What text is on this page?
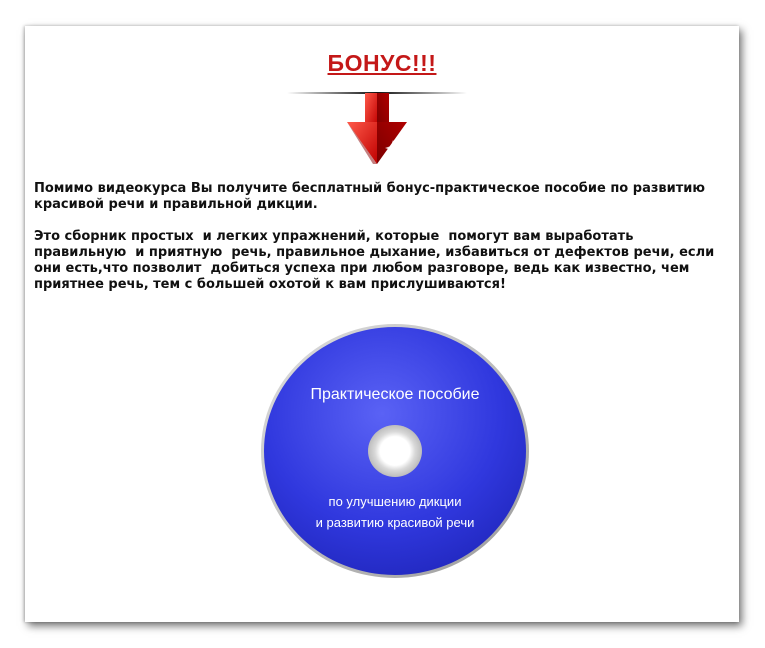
БОНУС!!!

Помимо видеокурса Вы получите бесплатный бонус-практическое пособие по развитию красивой речи и правильной дикции.

Это сборник простых  и легких упражнений, которые  помогут вам выработать правильную  и приятную  речь, правильное дыхание, избавиться от дефектов речи, если они есть,что позволит  добиться успеха при любом разговоре, ведь как известно, чем приятнее речь, тем с большей охотой к вам прислушиваются!

Практическое пособие
по улучшению дикции
и развитию красивой речи
